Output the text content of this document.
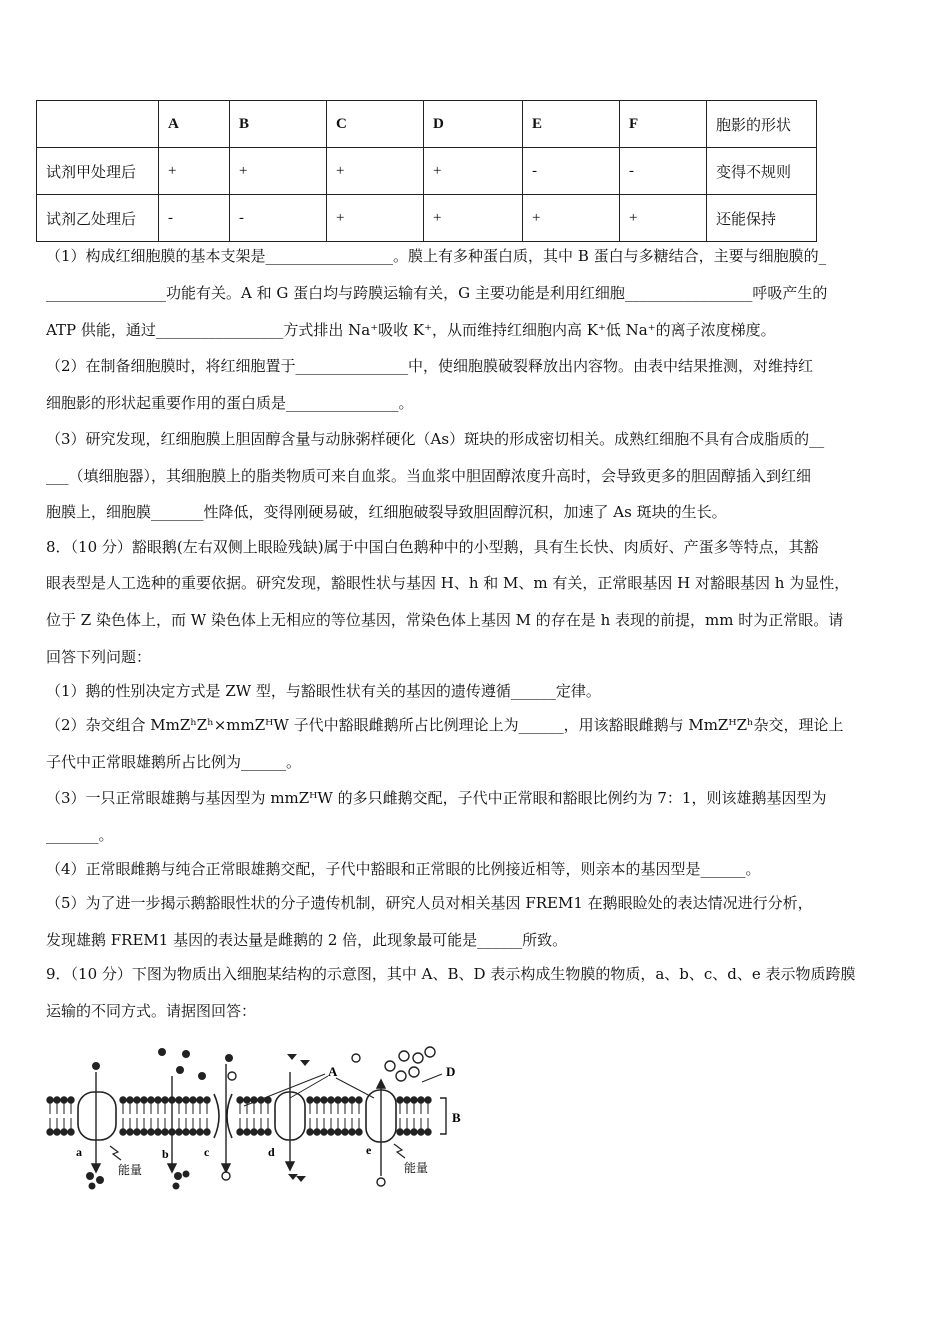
	A	B	C	D	E	F	胞影的形状
试剂甲处理后	+	+	+	+	-	-	变得不规则
试剂乙处理后	-	-	+	+	+	+	还能保持
（1）构成红细胞膜的基本支架是_________________。膜上有多种蛋白质，其中 B 蛋白与多糖结合，主要与细胞膜的_
________________功能有关。A 和 G 蛋白均与跨膜运输有关，G 主要功能是利用红细胞_________________呼吸产生的
ATP 供能，通过_________________方式排出 Na⁺吸收 K⁺，从而维持红细胞内高 K⁺低 Na⁺的离子浓度梯度。
（2）在制备细胞膜时，将红细胞置于_______________中，使细胞膜破裂释放出内容物。由表中结果推测，对维持红
细胞影的形状起重要作用的蛋白质是_______________。
（3）研究发现，红细胞膜上胆固醇含量与动脉粥样硬化（As）斑块的形成密切相关。成熟红细胞不具有合成脂质的__
___（填细胞器），其细胞膜上的脂类物质可来自血浆。当血浆中胆固醇浓度升高时，会导致更多的胆固醇插入到红细
胞膜上，细胞膜_______性降低，变得刚硬易破，红细胞破裂导致胆固醇沉积，加速了 As 斑块的生长。
8．（10 分）豁眼鹅(左右双侧上眼睑残缺)属于中国白色鹅种中的小型鹅，具有生长快、肉质好、产蛋多等特点，其豁
眼表型是人工选种的重要依据。研究发现，豁眼性状与基因 H、h 和 M、m 有关，正常眼基因 H 对豁眼基因 h 为显性，
位于 Z 染色体上，而 W 染色体上无相应的等位基因，常染色体上基因 M 的存在是 h 表现的前提，mm 时为正常眼。请
回答下列问题：
（1）鹅的性别决定方式是 ZW 型，与豁眼性状有关的基因的遗传遵循______定律。
（2）杂交组合 MmZʰZʰ×mmZᴴW 子代中豁眼雌鹅所占比例理论上为______，用该豁眼雌鹅与 MmZᴴZʰ杂交，理论上
子代中正常眼雄鹅所占比例为______。
（3）一只正常眼雄鹅与基因型为 mmZᴴW 的多只雌鹅交配，子代中正常眼和豁眼比例约为 7：1，则该雄鹅基因型为
_______。
（4）正常眼雌鹅与纯合正常眼雄鹅交配，子代中豁眼和正常眼的比例接近相等，则亲本的基因型是______。
（5）为了进一步揭示鹅豁眼性状的分子遗传机制，研究人员对相关基因 FREM1 在鹅眼睑处的表达情况进行分析，
发现雄鹅 FREM1 基因的表达量是雌鹅的 2 倍，此现象最可能是______所致。
9．（10 分）下图为物质出入细胞某结构的示意图，其中 A、B、D 表示构成生物膜的物质，a、b、c、d、e 表示物质跨膜
运输的不同方式。请据图回答：
B
A	D
能量	能量
a	b	c	d	e
